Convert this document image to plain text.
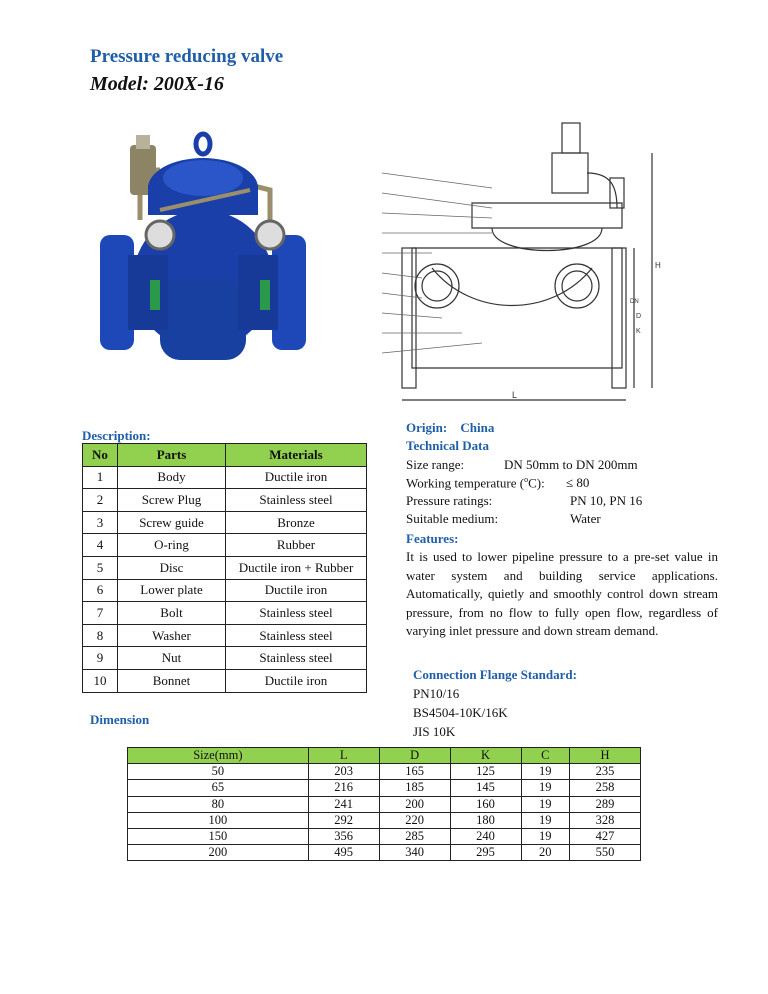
Pressure reducing valve
Model: 200X-16
L
H
D
K
DN
Description:
No	Parts	Materials
1	Body	Ductile iron
2	Screw Plug	Stainless steel
3	Screw guide	Bronze
4	O-ring	Rubber
5	Disc	Ductile iron + Rubber
6	Lower plate	Ductile iron
7	Bolt	Stainless steel
8	Washer	Stainless steel
9	Nut	Stainless steel
10	Bonnet	Ductile iron
Origin: China
Technical Data
Size range:	DN 50mm to DN 200mm
Working temperature ($^o$C): ≤ 80
Pressure ratings:	PN 10, PN 16
Suitable medium:	Water
Features:
It is used to lower pipeline pressure to a pre-set value in water system and building service applications. Automatically, quietly and smoothly control down stream pressure, from no flow to fully open flow, regardless of varying inlet pressure and down stream demand.
Connection Flange Standard:
PN10/16
BS4504-10K/16K
JIS 10K
Dimension
Size(mm)	L	D	K	C	H
50	203	165	125	19	235
65	216	185	145	19	258
80	241	200	160	19	289
100	292	220	180	19	328
150	356	285	240	19	427
200	495	340	295	20	550
